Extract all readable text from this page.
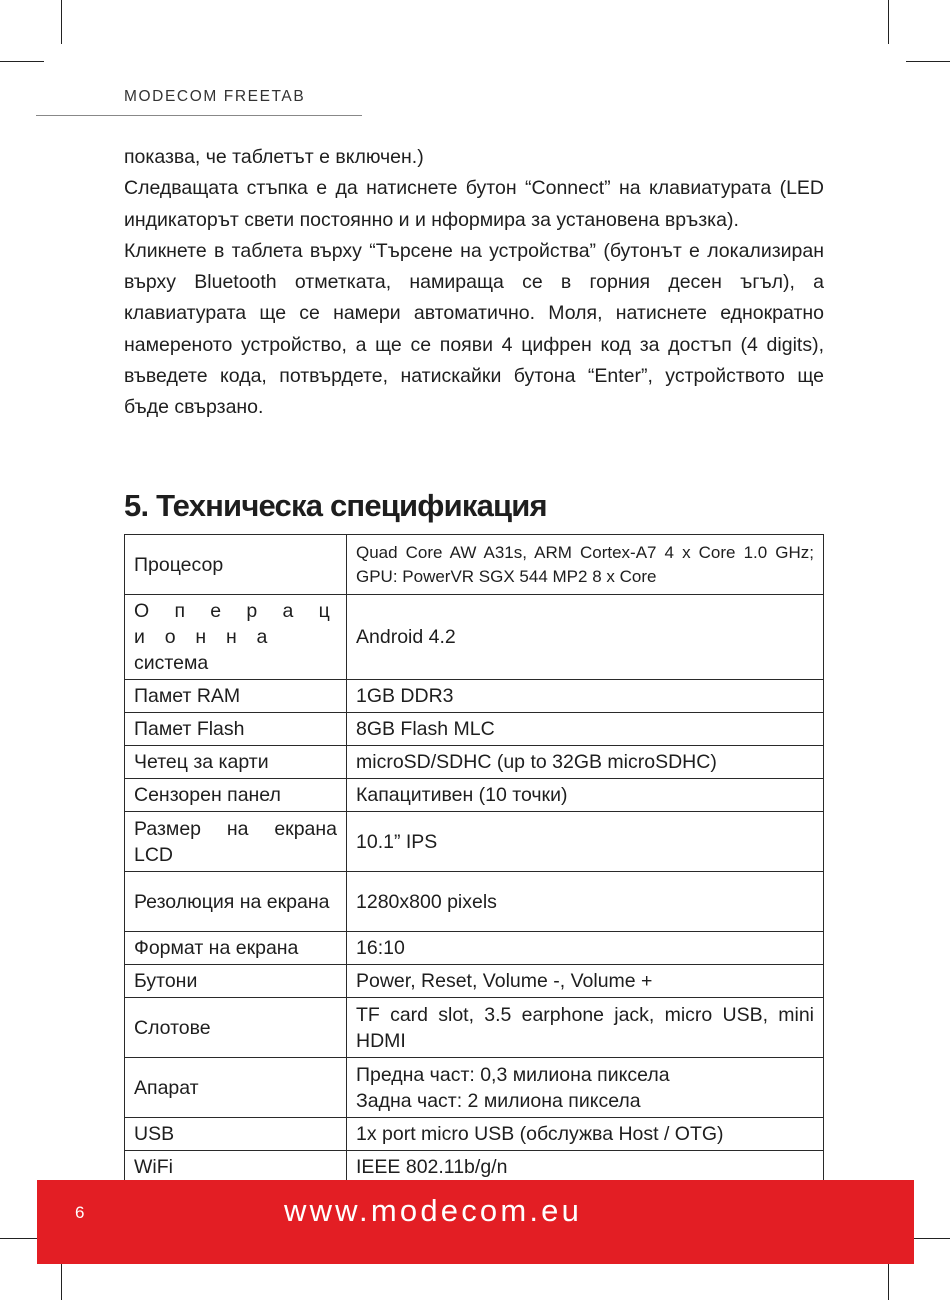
MODECOM FREETAB

показва, че таблетът е включен.)

Следващата стъпка е да натиснете бутон “Connect” на клавиатурата (LED индикаторът свети постоянно и и нформира за установена връзка).

Кликнете в таблета върху “Търсене на устройства” (бутонът е локализиран върху Bluetooth отметката, намираща се в горния десен ъгъл), а клавиатурата ще се намери автоматично. Моля, натиснете еднократно намереното устройство, а ще се появи 4 цифрен код за достъп (4 digits), въведете кода, потвърдете, натискайки бутона “Enter”, устройството ще бъде свързано.

5. Техническа спецификация
Процесор	Quad Core AW A31s, ARM Cortex-A7 4 x Core 1.0 GHz; GPU: PowerVR SGX 544 MP2 8 x Core
О п е р а ц и о н н а
система	Android 4.2
Памет RAM	1GB DDR3
Памет Flash	8GB Flash MLC
Четец за карти	microSD/SDHC (up to 32GB microSDHC)
Сензорен панел	Капацитивен (10 точки)
Размер на екрана LCD	10.1” IPS
Резолюция на екрана	1280x800 pixels
Формат на екрана	16:10
Бутони	Power, Reset, Volume -, Volume +
Слотове	TF card slot, 3.5 earphone jack, micro USB, mini HDMI
Апарат	Предна част: 0,3 милиона пиксела
Задна част: 2 милиона пиксела
USB	1x port micro USB (обслужва Host / OTG)
WiFi	IEEE 802.11b/g/n
6	www.modecom.eu
